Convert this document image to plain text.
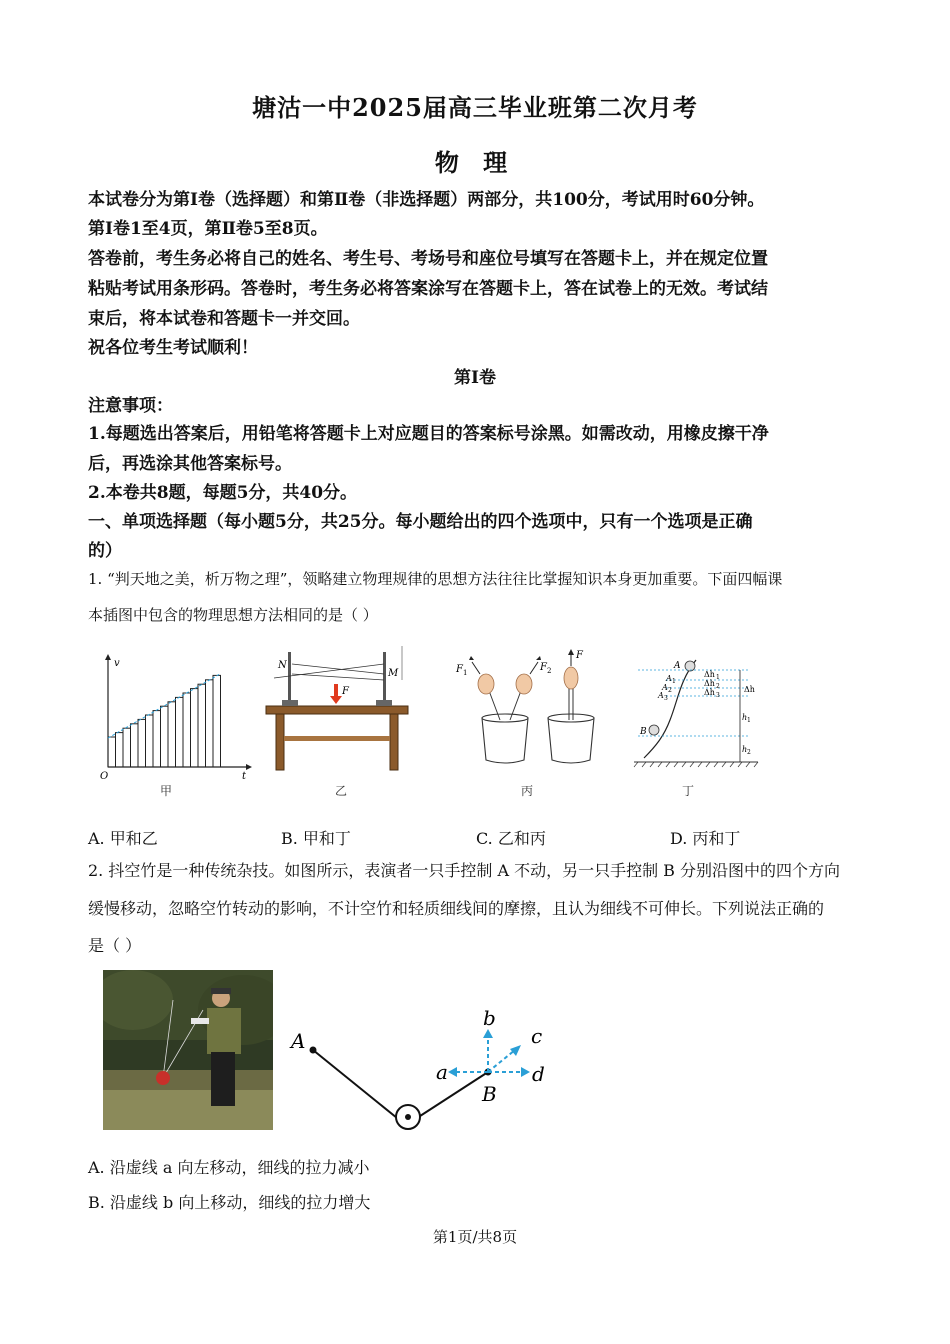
塘沽一中2025届高三毕业班第二次月考
物 理
本试卷分为第Ⅰ卷（选择题）和第Ⅱ卷（非选择题）两部分，共100分，考试用时60分钟。
第Ⅰ卷1至4页，第Ⅱ卷5至8页。
答卷前，考生务必将自己的姓名、考生号、考场号和座位号填写在答题卡上，并在规定位置
粘贴考试用条形码。答卷时，考生务必将答案涂写在答题卡上，答在试卷上的无效。考试结
束后，将本试卷和答题卡一并交回。
祝各位考生考试顺利！
第Ⅰ卷
注意事项：
1.每题选出答案后，用铅笔将答题卡上对应题目的答案标号涂黑。如需改动，用橡皮擦干净
后，再选涂其他答案标号。
2.本卷共8题，每题5分，共40分。
一、单项选择题（每小题5分，共25分。每小题给出的四个选项中，只有一个选项是正确
的）
1. “判天地之美，析万物之理”，领略建立物理规律的思想方法往往比掌握知识本身更加重要。下面四幅课
本插图中包含的物理思想方法相同的是（ ）
v
t
O
甲
N
M
F
乙
F 1	F 2
F
丙
A
A 1
A 2
A 3
B
Δh 1
Δh 2
Δh 3
Δh
h 1
h 2
丁
A. 甲和乙	B. 甲和丁	C. 乙和丙	D. 丙和丁
2. 抖空竹是一种传统杂技。如图所示，表演者一只手控制 A 不动，另一只手控制 B 分别沿图中的四个方向
缓慢移动，忽略空竹转动的影响，不计空竹和轻质细线间的摩擦，且认为细线不可伸长。下列说法正确的
是（ ）
A
B
a
b
c
d
A. 沿虚线 a 向左移动，细线的拉力减小
B. 沿虚线 b 向上移动，细线的拉力增大
第1页/共8页
